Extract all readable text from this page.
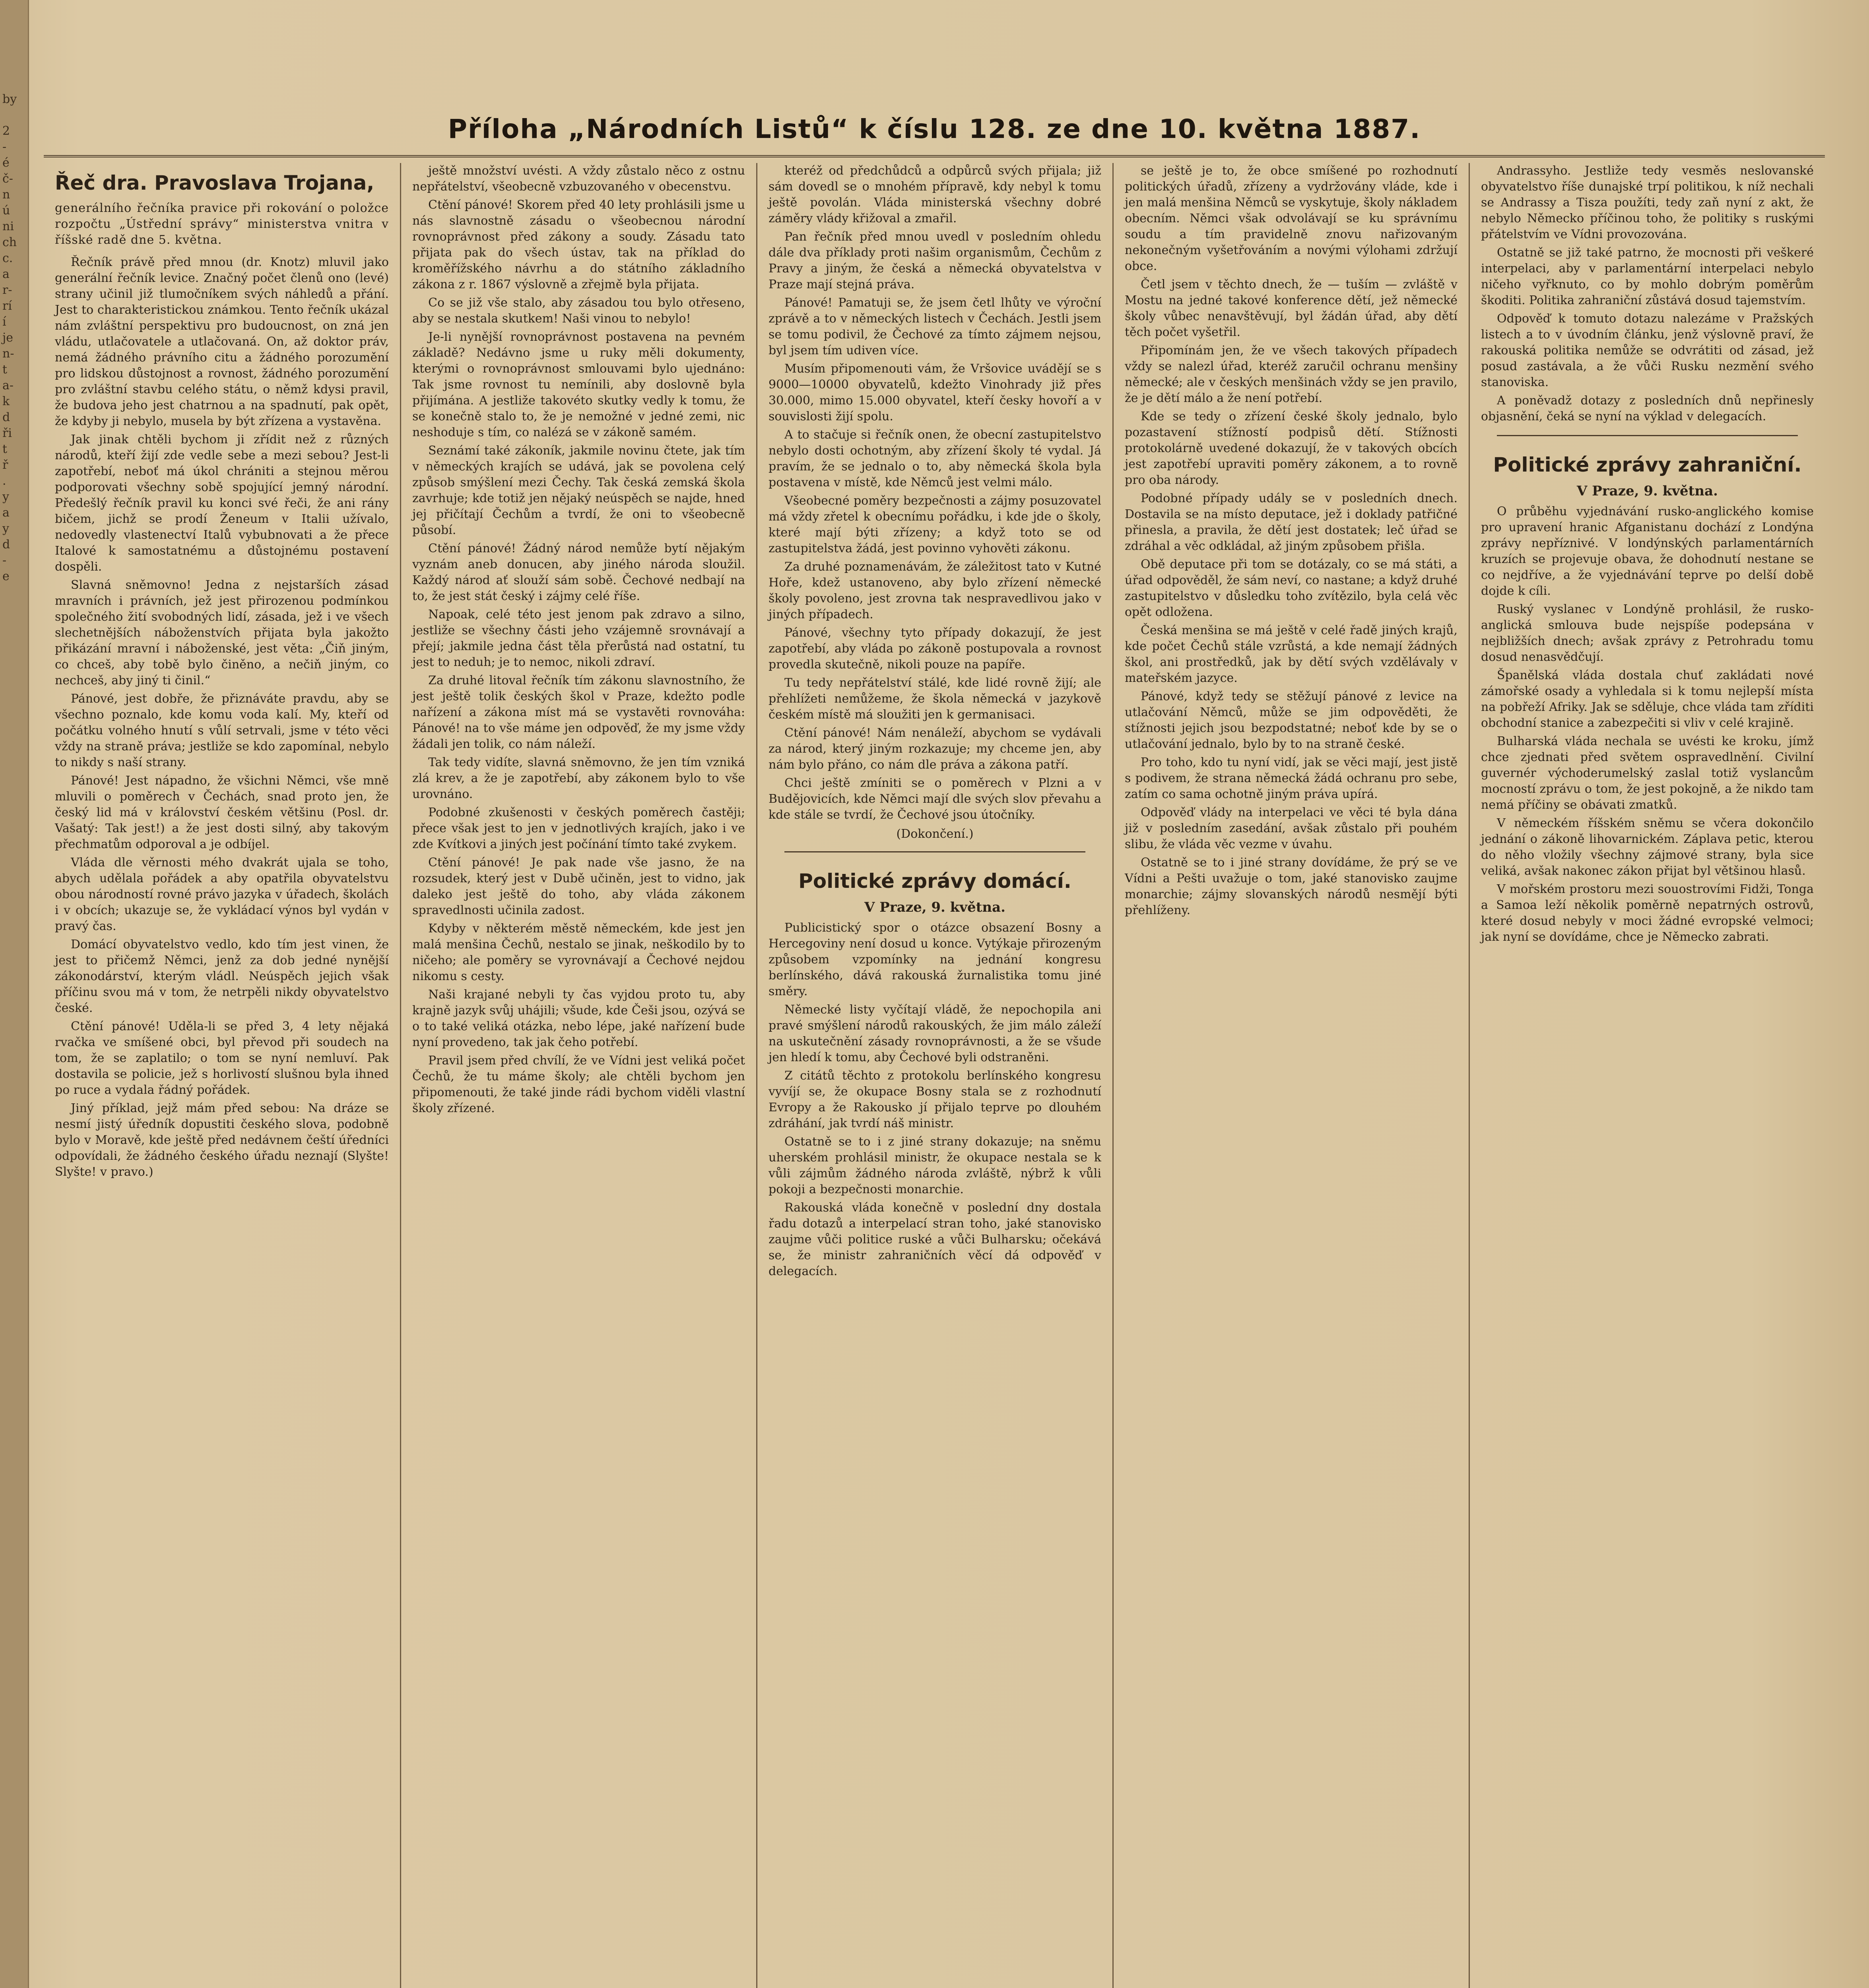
by

2
-
é
č-
n
ú
ni
ch
c.
a
r-
rí
í
je
n-
t
a-
k
d
ři
t
ř
.
y
a
y
d
-
e
Příloha „Národních Listů“ k číslu 128. ze dne 10. května 1887.
Řeč dra. Pravoslava Trojana,
generálního řečníka pravice při rokování o položce rozpočtu „Ústřední správy“ ministerstva vnitra v říšské radě dne 5. května.

Řečník právě před mnou (dr. Knotz) mluvil jako generální řečník levice. Značný počet členů ono (levé) strany učinil již tlumočníkem svých náhledů a přání. Jest to charakteristickou známkou. Tento řečník ukázal nám zvláštní perspektivu pro budoucnost, on zná jen vládu, utlačovatele a utlačovaná. On, až doktor práv, nemá žádného právního citu a žádného porozumění pro lidskou důstojnost a rovnost, žádného porozumění pro zvláštní stavbu celého státu, o němž kdysi pravil, že budova jeho jest chatrnou a na spadnutí, pak opět, že kdyby ji nebylo, musela by být zřízena a vystavěna.

Jak jinak chtěli bychom ji zřídit než z různých národů, kteří žijí zde vedle sebe a mezi sebou? Jest-li zapotřebí, neboť má úkol chrániti a stejnou měrou podporovati všechny sobě spojující jemný národní. Předešlý řečník pravil ku konci své řeči, že ani rány bičem, jichž se prodí Ženeum v Italii užívalo, nedovedly vlastenectví Italů vybubnovati a že přece Italové k samostatnému a důstojnému postavení dospěli.

Slavná sněmovno! Jedna z nejstarších zásad mravních i právních, jež jest přirozenou podmínkou společného žití svobodných lidí, zásada, jež i ve všech slechetnějších náboženstvích přijata byla jakožto přikázání mravní i náboženské, jest věta: „Čiň jiným, co chceš, aby tobě bylo činěno, a nečiň jiným, co nechceš, aby jiný ti činil.“

Pánové, jest dobře, že přiznáváte pravdu, aby se všechno poznalo, kde komu voda kalí. My, kteří od počátku volného hnutí s vůlí setrvali, jsme v této věci vždy na straně práva; jestliže se kdo zapomínal, nebylo to nikdy s naší strany.

Pánové! Jest nápadno, že všichni Němci, vše mně mluvili o poměrech v Čechách, snad proto jen, že český lid má v království českém většinu (Posl. dr. Vašatý: Tak jest!) a že jest dosti silný, aby takovým přechmatům odporoval a je odbíjel.

Vláda dle věrnosti mého dvakrát ujala se toho, abych udělala pořádek a aby opatřila obyvatelstvu obou národností rovné právo jazyka v úřadech, školách i v obcích; ukazuje se, že vykládací výnos byl vydán v pravý čas.

Domácí obyvatelstvo vedlo, kdo tím jest vinen, že jest to přičemž Němci, jenž za dob jedné nynější zákonodárství, kterým vládl. Neúspěch jejich však příčinu svou má v tom, že netrpěli nikdy obyvatelstvo české.

Ctění pánové! Uděla-li se před 3, 4 lety nějaká rvačka ve smíšené obci, byl převod při soudech na tom, že se zaplatilo; o tom se nyní nemluví. Pak dostavila se policie, jež s horlivostí slušnou byla ihned po ruce a vydala řádný pořádek.

Jiný příklad, jejž mám před sebou: Na dráze se nesmí jistý úředník dopustiti českého slova, podobně bylo v Moravě, kde ještě před nedávnem čeští úředníci odpovídali, že žádného českého úřadu neznají (Slyšte! Slyšte! v pravo.)

ještě množství uvésti. A vždy zůstalo něco z ostnu nepřátelství, všeobecně vzbuzovaného v obecenstvu.

Ctění pánové! Skorem před 40 lety prohlásili jsme u nás slavnostně zásadu o všeobecnou národní rovnoprávnost před zákony a soudy. Zásadu tato přijata pak do všech ústav, tak na příklad do kroměřížského návrhu a do státního základního zákona z r. 1867 výslovně a zřejmě byla přijata.

Co se již vše stalo, aby zásadou tou bylo otřeseno, aby se nestala skutkem! Naši vinou to nebylo!

Je-li nynější rovnoprávnost postavena na pevném základě? Nedávno jsme u ruky měli dokumenty, kterými o rovnoprávnost smlouvami bylo ujednáno: Tak jsme rovnost tu nemínili, aby doslovně byla přijímána. A jestliže takovéto skutky vedly k tomu, že se konečně stalo to, že je nemožné v jedné zemi, nic neshoduje s tím, co nalézá se v zákoně samém.

Seznámí také zákoník, jakmile novinu čtete, jak tím v německých krajích se udává, jak se povolena celý způsob smýšlení mezi Čechy. Tak česká zemská škola zavrhuje; kde totiž jen nějaký neúspěch se najde, hned jej přičítají Čechům a tvrdí, že oni to všeobecně působí.

Ctění pánové! Žádný národ nemůže bytí nějakým vyznám aneb donucen, aby jiného národa sloužil. Každý národ ať slouží sám sobě. Čechové nedbají na to, že jest stát český i zájmy celé říše.

Napoak, celé této jest jenom pak zdravo a silno, jestliže se všechny části jeho vzájemně srovnávají a přejí; jakmile jedna část těla přerůstá nad ostatní, tu jest to neduh; je to nemoc, nikoli zdraví.

Za druhé litoval řečník tím zákonu slavnostního, že jest ještě tolik českých škol v Praze, kdežto podle nařízení a zákona míst má se vystavěti rovnováha: Pánové! na to vše máme jen odpověď, že my jsme vždy žádali jen tolik, co nám náleží.

Tak tedy vidíte, slavná sněmovno, že jen tím vzniká zlá krev, a že je zapotřebí, aby zákonem bylo to vše urovnáno.

Podobné zkušenosti v českých poměrech častěji; přece však jest to jen v jednotlivých krajích, jako i ve zde Kvítkovi a jiných jest počínání tímto také zvykem.

Ctění pánové! Je pak nade vše jasno, že na rozsudek, který jest v Dubě učiněn, jest to vidno, jak daleko jest ještě do toho, aby vláda zákonem spravedlnosti učinila zadost.

Kdyby v některém městě německém, kde jest jen malá menšina Čechů, nestalo se jinak, neškodilo by to ničeho; ale poměry se vyrovnávají a Čechové nejdou nikomu s cesty.

Naši krajané nebyli ty čas vyjdou proto tu, aby krajně jazyk svůj uhájili; všude, kde Češi jsou, ozývá se o to také veliká otázka, nebo lépe, jaké nařízení bude nyní provedeno, tak jak čeho potřebí.

Pravil jsem před chvílí, že ve Vídni jest veliká počet Čechů, že tu máme školy; ale chtěli bychom jen připomenouti, že také jinde rádi bychom viděli vlastní školy zřízené.

kteréž od předchůdců a odpůrců svých přijala; již sám dovedl se o mnohém přípravě, kdy nebyl k tomu ještě povolán. Vláda ministerská všechny dobré záměry vlády křižoval a zmařil.

Pan řečník před mnou uvedl v posledním ohledu dále dva příklady proti našim organismům, Čechům z Pravy a jiným, že česká a německá obyvatelstva v Praze mají stejná práva.

Pánové! Pamatuji se, že jsem četl lhůty ve výroční zprávě a to v německých listech v Čechách. Jestli jsem se tomu podivil, že Čechové za tímto zájmem nejsou, byl jsem tím udiven více.

Musím připomenouti vám, že Vršovice uvádějí se s 9000—10000 obyvatelů, kdežto Vinohrady již přes 30.000, mimo 15.000 obyvatel, kteří česky hovoří a v souvislosti žijí spolu.

A to stačuje si řečník onen, že obecní zastupitelstvo nebylo dosti ochotným, aby zřízení školy té vydal. Já pravím, že se jednalo o to, aby německá škola byla postavena v místě, kde Němců jest velmi málo.

Všeobecné poměry bezpečnosti a zájmy posuzovatel má vždy zřetel k obecnímu pořádku, i kde jde o školy, které mají býti zřízeny; a když toto se od zastupitelstva žádá, jest povinno vyhověti zákonu.

Za druhé poznamenávám, že záležitost tato v Kutné Hoře, kdež ustanoveno, aby bylo zřízení německé školy povoleno, jest zrovna tak nespravedlivou jako v jiných případech.

Pánové, všechny tyto případy dokazují, že jest zapotřebí, aby vláda po zákoně postupovala a rovnost provedla skutečně, nikoli pouze na papíře.

Tu tedy nepřátelství stálé, kde lidé rovně žijí; ale přehlížeti nemůžeme, že škola německá v jazykově českém místě má sloužiti jen k germanisaci.

Ctění pánové! Nám nenáleží, abychom se vydávali za národ, který jiným rozkazuje; my chceme jen, aby nám bylo přáno, co nám dle práva a zákona patří.

Chci ještě zmíniti se o poměrech v Plzni a v Budějovicích, kde Němci mají dle svých slov převahu a kde stále se tvrdí, že Čechové jsou útočníky.

(Dokončení.)
Politické zprávy domácí.
V Praze, 9. května.

Publicistický spor o otázce obsazení Bosny a Hercegoviny není dosud u konce. Vytýkaje přirozeným způsobem vzpomínky na jednání kongresu berlínského, dává rakouská žurnalistika tomu jiné směry.

Německé listy vyčítají vládě, že nepochopila ani pravé smýšlení národů rakouských, že jim málo záleží na uskutečnění zásady rovnoprávnosti, a že se všude jen hledí k tomu, aby Čechové byli odstraněni.

Z citátů těchto z protokolu berlínského kongresu vyvíjí se, že okupace Bosny stala se z rozhodnutí Evropy a že Rakousko jí přijalo teprve po dlouhém zdráhání, jak tvrdí náš ministr.

Ostatně se to i z jiné strany dokazuje; na sněmu uherském prohlásil ministr, že okupace nestala se k vůli zájmům žádného národa zvláště, nýbrž k vůli pokoji a bezpečnosti monarchie.

Rakouská vláda konečně v poslední dny dostala řadu dotazů a interpelací stran toho, jaké stanovisko zaujme vůči politice ruské a vůči Bulharsku; očekává se, že ministr zahraničních věcí dá odpověď v delegacích.

se ještě je to, že obce smíšené po rozhodnutí politických úřadů, zřízeny a vydržovány vláde, kde i jen malá menšina Němců se vyskytuje, školy nákladem obecním. Němci však odvolávají se ku správnímu soudu a tím pravidelně znovu nařizovaným nekonečným vyšetřováním a novými výlohami zdržují obce.

Četl jsem v těchto dnech, že — tuším — zvláště v Mostu na jedné takové konference dětí, jež německé školy vůbec nenavštěvují, byl žádán úřad, aby dětí těch počet vyšetřil.

Připomínám jen, že ve všech takových případech vždy se nalezl úřad, kteréž zaručil ochranu menšiny německé; ale v českých menšinách vždy se jen pravilo, že je dětí málo a že není potřebí.

Kde se tedy o zřízení české školy jednalo, bylo pozastavení stížností podpisů dětí. Stížnosti protokolárně uvedené dokazují, že v takových obcích jest zapotřebí upraviti poměry zákonem, a to rovně pro oba národy.

Podobné případy udály se v posledních dnech. Dostavila se na místo deputace, jež i doklady patřičné přinesla, a pravila, že dětí jest dostatek; leč úřad se zdráhal a věc odkládal, až jiným způsobem přišla.

Obě deputace při tom se dotázaly, co se má státi, a úřad odpověděl, že sám neví, co nastane; a když druhé zastupitelstvo v důsledku toho zvítězilo, byla celá věc opět odložena.

Česká menšina se má ještě v celé řadě jiných krajů, kde počet Čechů stále vzrůstá, a kde nemají žádných škol, ani prostředků, jak by dětí svých vzdělávaly v mateřském jazyce.

Pánové, když tedy se stěžují pánové z levice na utlačování Němců, může se jim odpověděti, že stížnosti jejich jsou bezpodstatné; neboť kde by se o utlačování jednalo, bylo by to na straně české.

Pro toho, kdo tu nyní vidí, jak se věci mají, jest jistě s podivem, že strana německá žádá ochranu pro sebe, zatím co sama ochotně jiným práva upírá.

Odpověď vlády na interpelaci ve věci té byla dána již v posledním zasedání, avšak zůstalo při pouhém slibu, že vláda věc vezme v úvahu.

Ostatně se to i jiné strany dovídáme, že prý se ve Vídni a Pešti uvažuje o tom, jaké stanovisko zaujme monarchie; zájmy slovanských národů nesmějí býti přehlíženy.

Andrassyho. Jestliže tedy vesměs neslovanské obyvatelstvo říše dunajské trpí politikou, k níž nechali se Andrassy a Tisza použíti, tedy zaň nyní z akt, že nebylo Německo příčinou toho, že politiky s ruskými přátelstvím ve Vídni provozována.

Ostatně se již také patrno, že mocnosti při veškeré interpelaci, aby v parlamentární interpelaci nebylo ničeho vyřknuto, co by mohlo dobrým poměrům škoditi. Politika zahraniční zůstává dosud tajemstvím.

Odpověď k tomuto dotazu nalezáme v Pražských listech a to v úvodním článku, jenž výslovně praví, že rakouská politika nemůže se odvrátiti od zásad, jež posud zastávala, a že vůči Rusku nezmění svého stanoviska.

A poněvadž dotazy z posledních dnů nepřinesly objasnění, čeká se nyní na výklad v delegacích.

Politické zprávy zahraniční.
V Praze, 9. května.

O průběhu vyjednávání rusko-anglického komise pro upravení hranic Afganistanu dochází z Londýna zprávy nepříznivé. V londýnských parlamentárních kruzích se projevuje obava, že dohodnutí nestane se co nejdříve, a že vyjednávání teprve po delší době dojde k cíli.

Ruský vyslanec v Londýně prohlásil, že rusko-anglická smlouva bude nejspíše podepsána v nejbližších dnech; avšak zprávy z Petrohradu tomu dosud nenasvědčují.

Španělská vláda dostala chuť zakládati nové zámořské osady a vyhledala si k tomu nejlepší místa na pobřeží Afriky. Jak se sděluje, chce vláda tam zříditi obchodní stanice a zabezpečiti si vliv v celé krajině.

Bulharská vláda nechala se uvésti ke kroku, jímž chce zjednati před světem ospravedlnění. Civilní guvernér východerumelský zaslal totiž vyslancům mocností zprávu o tom, že jest pokojně, a že nikdo tam nemá příčiny se obávati zmatků.

V německém říšském sněmu se včera dokončilo jednání o zákoně lihovarnickém. Záplava petic, kterou do něho vložily všechny zájmové strany, byla sice veliká, avšak nakonec zákon přijat byl většinou hlasů.

V mořském prostoru mezi souostrovími Fidži, Tonga a Samoa leží několik poměrně nepatrných ostrovů, které dosud nebyly v moci žádné evropské velmoci; jak nyní se dovídáme, chce je Německo zabrati.
